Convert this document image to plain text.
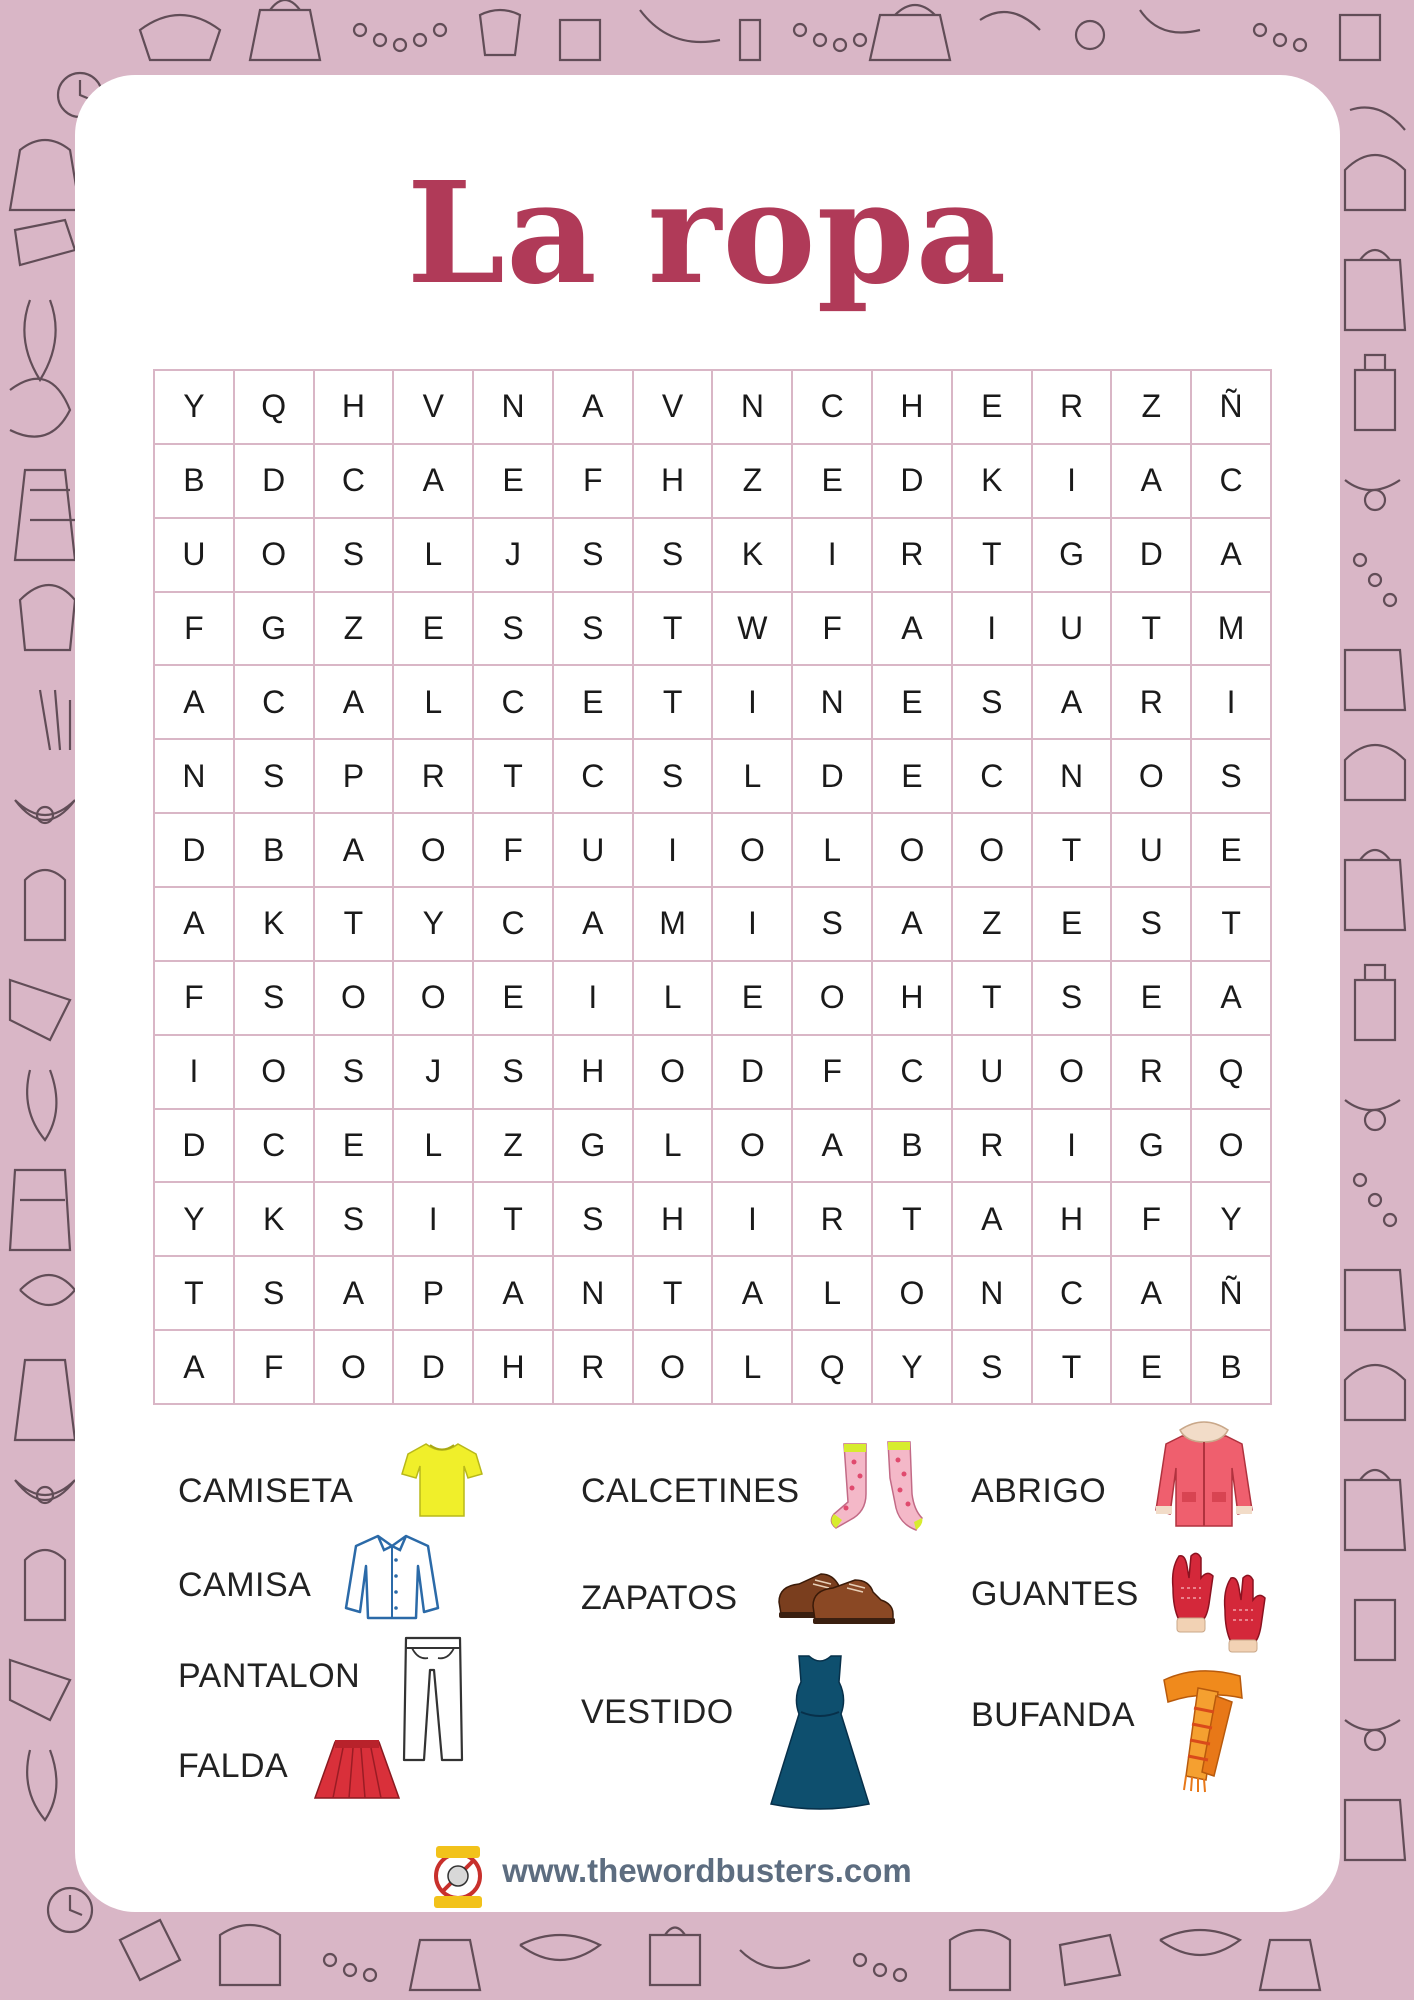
La ropa
Y	Q	H	V	N	A	V	N	C	H	E	R	Z	Ñ
B	D	C	A	E	F	H	Z	E	D	K	I	A	C
U	O	S	L	J	S	S	K	I	R	T	G	D	A
F	G	Z	E	S	S	T	W	F	A	I	U	T	M
A	C	A	L	C	E	T	I	N	E	S	A	R	I
N	S	P	R	T	C	S	L	D	E	C	N	O	S
D	B	A	O	F	U	I	O	L	O	O	T	U	E
A	K	T	Y	C	A	M	I	S	A	Z	E	S	T
F	S	O	O	E	I	L	E	O	H	T	S	E	A
I	O	S	J	S	H	O	D	F	C	U	O	R	Q
D	C	E	L	Z	G	L	O	A	B	R	I	G	O
Y	K	S	I	T	S	H	I	R	T	A	H	F	Y
T	S	A	P	A	N	T	A	L	O	N	C	A	Ñ
A	F	O	D	H	R	O	L	Q	Y	S	T	E	B
CAMISETA
CAMISA
PANTALON
FALDA
CALCETINES
ZAPATOS
VESTIDO
ABRIGO
GUANTES
BUFANDA
www.thewordbusters.com
